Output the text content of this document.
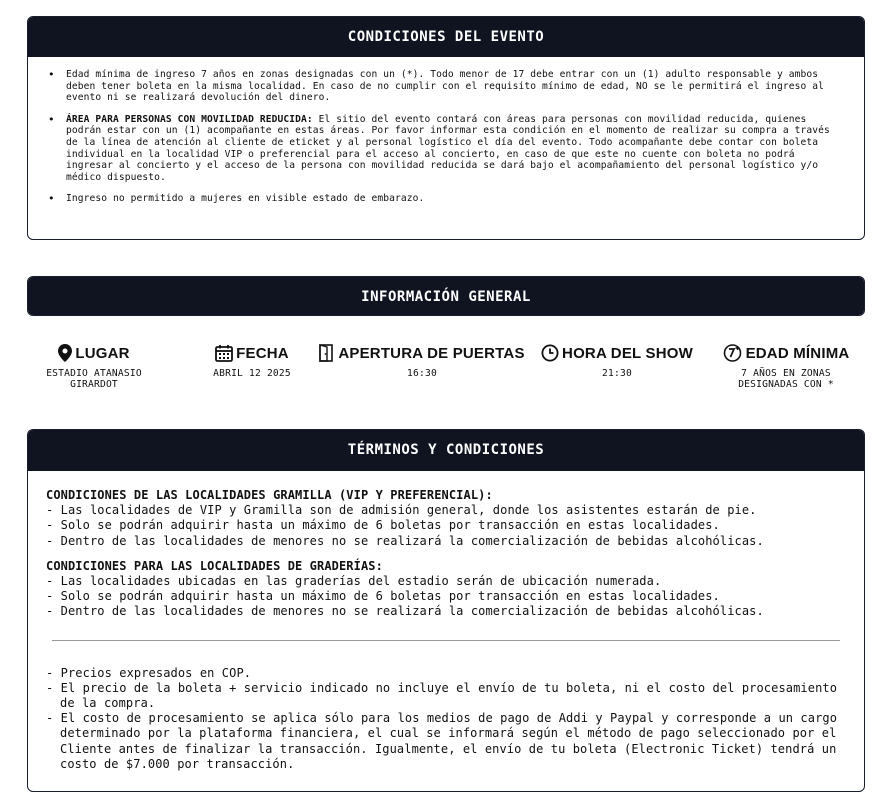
CONDICIONES DEL EVENTO
• Edad mínima de ingreso 7 años en zonas designadas con un (*). Todo menor de 17 debe entrar con un (1) adulto responsable y ambos deben tener boleta en la misma localidad. En caso de no cumplir con el requisito mínimo de edad, NO se le permitirá el ingreso al evento ni se realizará devolución del dinero.
• ÁREA PARA PERSONAS CON MOVILIDAD REDUCIDA: El sitio del evento contará con áreas para personas con movilidad reducida, quienes podrán estar con un (1) acompañante en estas áreas. Por favor informar esta condición en el momento de realizar su compra a través de la línea de atención al cliente de eticket y al personal logístico el día del evento. Todo acompañante debe contar con boleta individual en la localidad VIP o preferencial para el acceso al concierto, en caso de que este no cuente con boleta no podrá ingresar al concierto y el acceso de la persona con movilidad reducida se dará bajo el acompañamiento del personal logístico y/o médico dispuesto.
• Ingreso no permitido a mujeres en visible estado de embarazo.
INFORMACIÓN GENERAL
LUGAR
ESTADIO ATANASIO
GIRARDOT
FECHA
ABRIL 12 2025
APERTURA DE PUERTAS
16:30
HORA DEL SHOW
21:30
EDAD MÍNIMA
7 AÑOS EN ZONAS
DESIGNADAS CON *
TÉRMINOS Y CONDICIONES
CONDICIONES DE LAS LOCALIDADES GRAMILLA (VIP Y PREFERENCIAL):
- Las localidades de VIP y Gramilla son de admisión general, donde los asistentes estarán de pie.
- Solo se podrán adquirir hasta un máximo de 6 boletas por transacción en estas localidades.
- Dentro de las localidades de menores no se realizará la comercialización de bebidas alcohólicas.
CONDICIONES PARA LAS LOCALIDADES DE GRADERÍAS:
- Las localidades ubicadas en las graderías del estadio serán de ubicación numerada.
- Solo se podrán adquirir hasta un máximo de 6 boletas por transacción en estas localidades.
- Dentro de las localidades de menores no se realizará la comercialización de bebidas alcohólicas.
- Precios expresados en COP.
- El precio de la boleta + servicio indicado no incluye el envío de tu boleta, ni el costo del procesamiento de la compra.
- El costo de procesamiento se aplica sólo para los medios de pago de Addi y Paypal y corresponde a un cargo determinado por la plataforma financiera, el cual se informará según el método de pago seleccionado por el Cliente antes de finalizar la transacción. Igualmente, el envío de tu boleta (Electronic Ticket) tendrá un costo de $7.000 por transacción.
